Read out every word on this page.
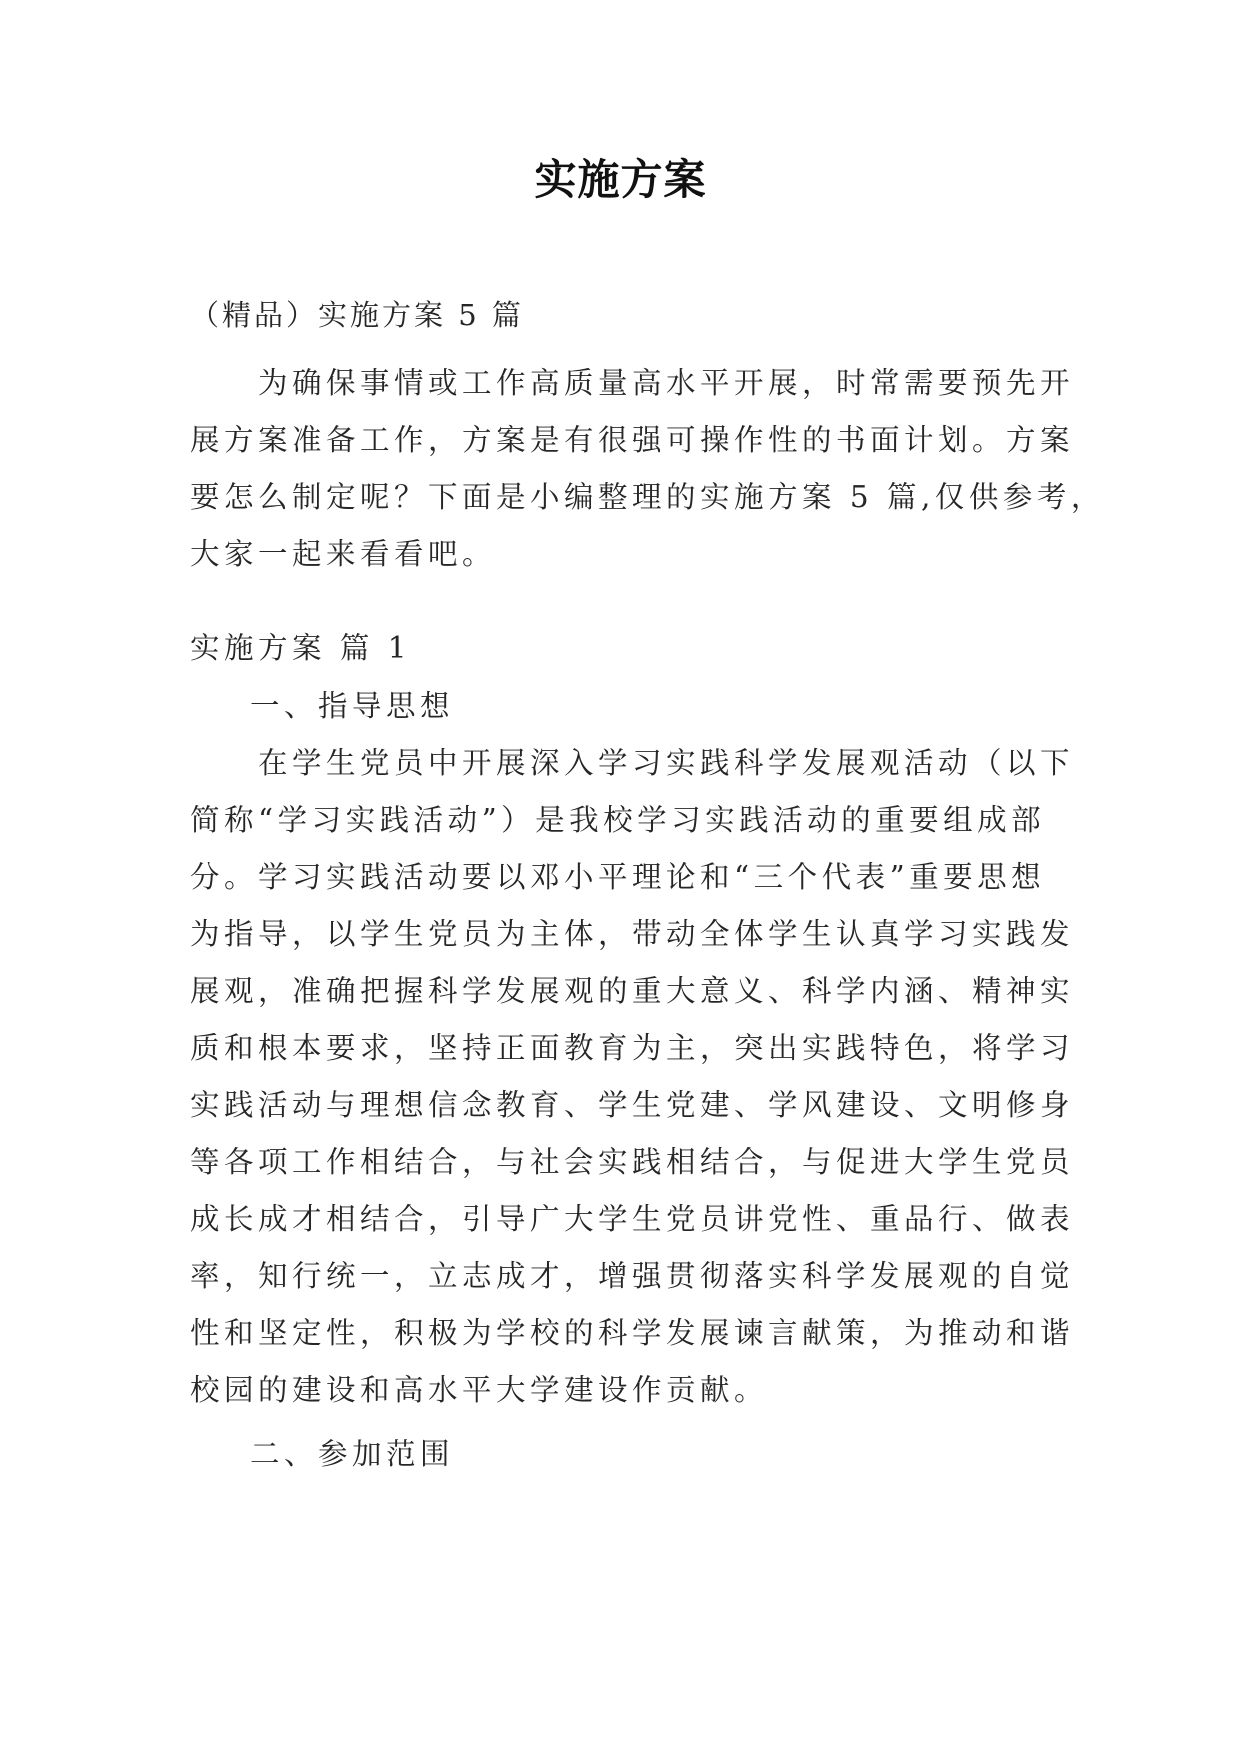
实施方案
（精品）实施方案 5 篇
　　为确保事情或工作高质量高水平开展，时常需要预先开
展方案准备工作，方案是有很强可操作性的书面计划。方案
要怎么制定呢？下面是小编整理的实施方案 5 篇,仅供参考，
大家一起来看看吧。
实施方案 篇 1
一、指导思想
　　在学生党员中开展深入学习实践科学发展观活动（以下
简称“学习实践活动”）是我校学习实践活动的重要组成部
分。学习实践活动要以邓小平理论和“三个代表”重要思想
为指导，以学生党员为主体，带动全体学生认真学习实践发
展观，准确把握科学发展观的重大意义、科学内涵、精神实
质和根本要求，坚持正面教育为主，突出实践特色，将学习
实践活动与理想信念教育、学生党建、学风建设、文明修身
等各项工作相结合，与社会实践相结合，与促进大学生党员
成长成才相结合，引导广大学生党员讲党性、重品行、做表
率，知行统一，立志成才，增强贯彻落实科学发展观的自觉
性和坚定性，积极为学校的科学发展谏言献策，为推动和谐
校园的建设和高水平大学建设作贡献。
二、参加范围
